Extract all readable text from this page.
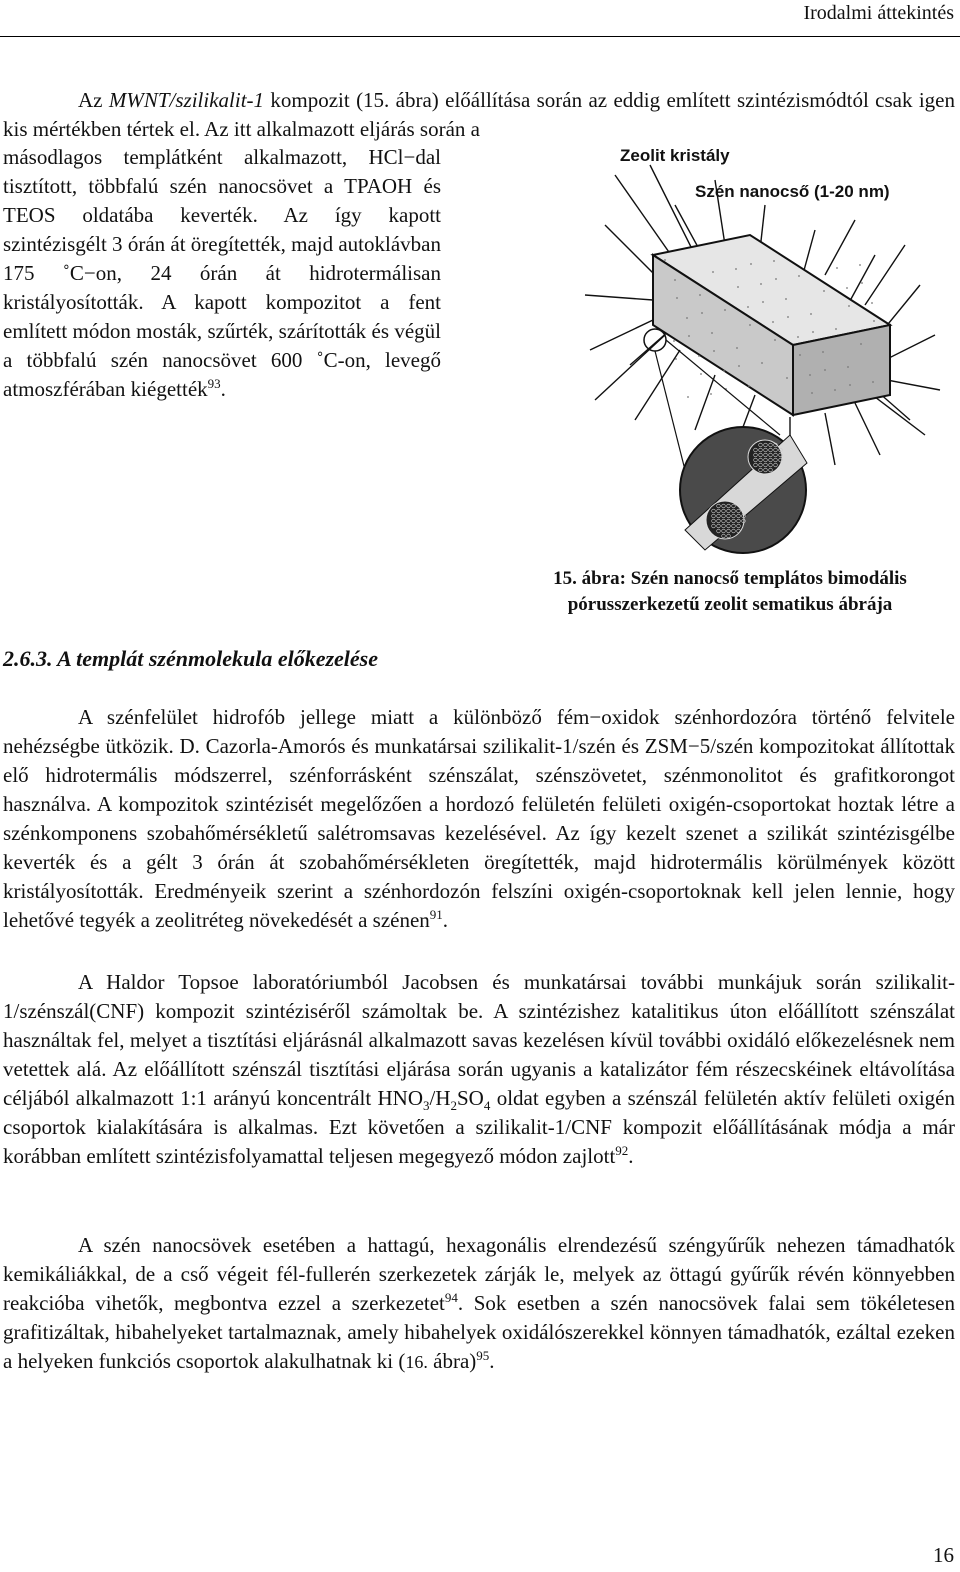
Irodalmi áttekintés

Az MWNT/szilikalit-1 kompozit (15. ábra) előállítása során az eddig említett szintézismódtól csak igen kis mértékben tértek el. Az itt alkalmazott eljárás során a

másodlagos templátként alkalmazott, HCl−dal tisztított, többfalú szén nanocsövet a TPAOH és TEOS oldatába keverték. Az így kapott szintézisgélt 3 órán át öregítették, majd autoklávban 175 ˚C−on, 24 órán át hidrotermálisan kristályosították. A kapott kompozitot a fent említett módon mosták, szűrték, szárították és végül a többfalú szén nanocsövet 600 ˚C-on, levegő atmoszférában kiégették$^{93}$.

Zeolit kristály
Szén nanocső (1-20 nm)
15. ábra: Szén nanocső templátos bimodális
pórusszerkezetű zeolit sematikus ábrája
2.6.3. A templát szénmolekula előkezelése

A szénfelület hidrofób jellege miatt a különböző fém−oxidok szénhordozóra történő felvitele nehézségbe ütközik. D. Cazorla-Amorós és munkatársai szilikalit-1/szén és ZSM−5/szén kompozitokat állítottak elő hidrotermális módszerrel, szénforrásként szénszálat, szénszövetet, szénmonolitot és grafitkorongot használva. A kompozitok szintézisét megelőzően a hordozó felületén felületi oxigén-csoportokat hoztak létre a szénkomponens szobahőmérsékletű salétromsavas kezelésével. Az így kezelt szenet a szilikát szintézisgélbe keverték és a gélt 3 órán át szobahőmérsékleten öregítették, majd hidrotermális körülmények között kristályosították. Eredményeik szerint a szénhordozón felszíni oxigén-csoportoknak kell jelen lennie, hogy lehetővé tegyék a zeolitréteg növekedését a szénen$^{91}$.

A Haldor Topsoe laboratóriumból Jacobsen és munkatársai további munkájuk során szilikalit-1/szénszál(CNF) kompozit szintéziséről számoltak be. A szintézishez katalitikus úton előállított szénszálat használtak fel, melyet a tisztítási eljárásnál alkalmazott savas kezelésen kívül további oxidáló előkezelésnek nem vetettek alá. Az előállított szénszál tisztítási eljárása során ugyanis a katalizátor fém részecskéinek eltávolítása céljából alkalmazott 1:1 arányú koncentrált $HNO_3/H_2SO_4$ oldat egyben a szénszál felületén aktív felületi oxigén csoportok kialakítására is alkalmas. Ezt követően a szilikalit-1/CNF kompozit előállításának módja a már korábban említett szintézisfolyamattal teljesen megegyező módon zajlott$^{92}$.

A szén nanocsövek esetében a hattagú, hexagonális elrendezésű széngyűrűk nehezen támadhatók kemikáliákkal, de a cső végeit fél-fullerén szerkezetek zárják le, melyek az öttagú gyűrűk révén könnyebben reakcióba vihetők, megbontva ezzel a szerkezetet$^{94}$. Sok esetben a szén nanocsövek falai sem tökéletesen grafitizáltak, hibahelyeket tartalmaznak, amely hibahelyek oxidálószerekkel könnyen támadhatók, ezáltal ezeken a helyeken funkciós csoportok alakulhatnak ki (16. ábra)$^{95}$.

16
